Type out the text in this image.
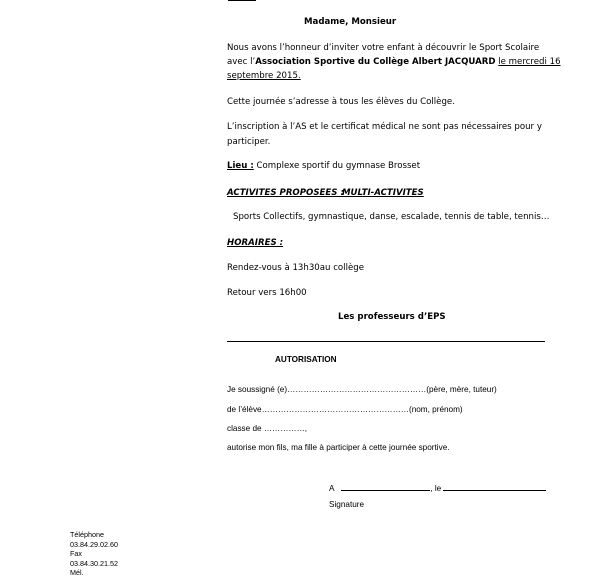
Madame, Monsieur
Nous avons l’honneur d’inviter votre enfant à découvrir le Sport Scolaire
avec l’Association Sportive du Collège Albert JACQUARD le mercredi 16
septembre 2015.
Cette journée s’adresse à tous les élèves du Collège.
L’inscription à l’AS et le certificat médical ne sont pas nécessaires pour y
participer.
Lieu : Complexe sportif du gymnase Brosset
ACTIVITES PROPOSEES :
MULTI-ACTIVITES
Sports Collectifs, gymnastique, danse, escalade, tennis de table, tennis…
HORAIRES :
Rendez-vous à 13h30au collège
Retour vers 16h00
Les professeurs d’EPS
AUTORISATION
Je soussigné (e)……………………………………………(père, mère, tuteur)
de l’élève………………………………………………(nom, prénom)
classe de ……………,
autorise mon fils, ma fille à participer à cette journée sportive.
A	, le
Signature
Téléphone
03.84.29.02.60
Fax
03.84.30.21.52
Mél.
